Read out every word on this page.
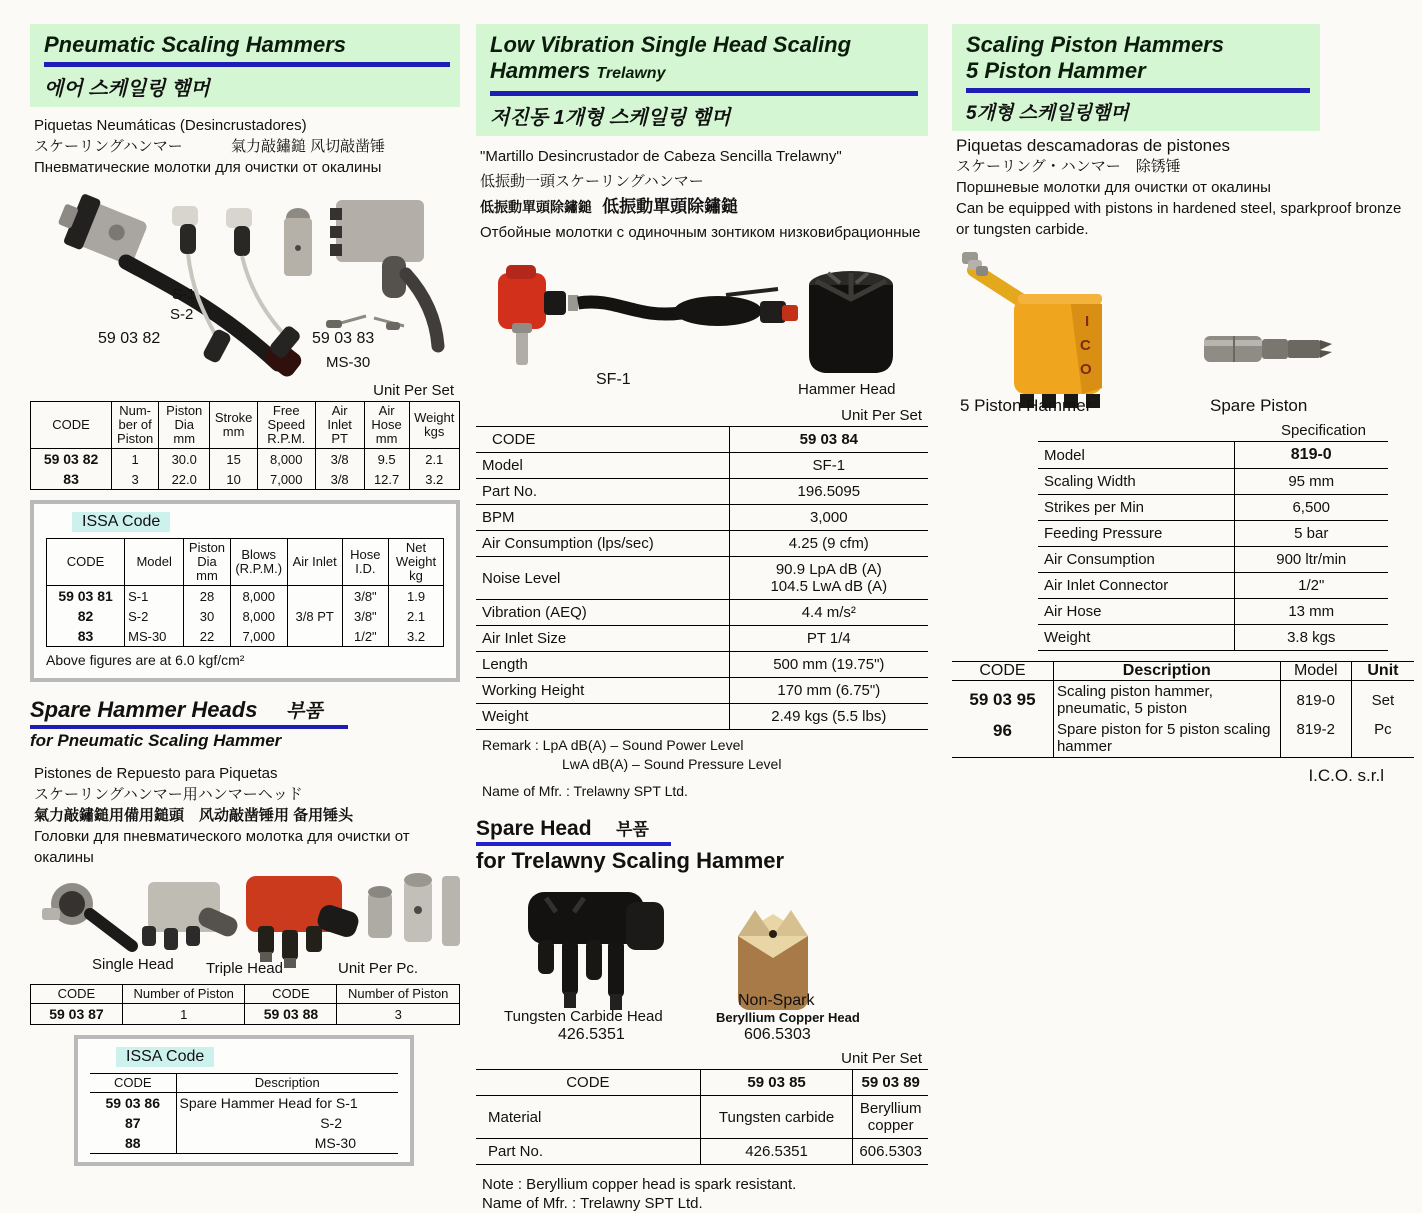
Pneumatic Scaling Hammers
에어 스케일링 햄머
Piquetas Neumáticas (Desincrustadores)
スケーリングハンマー	氣力敲鏽鎚 风切敲凿锤
Пневматические молотки для очистки от окалины
S-1
S-2
59 03 82	59 03 83
MS-30
Unit Per Set
CODE	Num-ber of Piston	Piston Dia mm	Stroke mm	Free Speed R.P.M.	Air Inlet PT	Air Hose mm	Weight kgs
59 03 82	1	30.0	15	8,000	3/8	9.5	2.1
83	3	22.0	10	7,000	3/8	12.7	3.2
ISSA Code
CODE	Model	Piston Dia mm	Blows (R.P.M.)	Air Inlet	Hose I.D.	Net Weight kg
59 03 81	S-1	28	8,000	3/8 PT	3/8"	1.9
82	S-2	30	8,000		3/8"	2.1
83	MS-30	22	7,000		1/2"	3.2
Above figures are at 6.0 kgf/cm²
Spare Hammer Heads 부품
for Pneumatic Scaling Hammer
Pistones de Repuesto para Piquetas
スケーリングハンマー用ハンマーヘッド
氣力敲鏽鎚用備用鎚頭　风动敲凿锤用 备用锤头
Головки для пневматического молотка для очистки от окалины
Single Head Triple Head	Unit Per Pc.
CODE	Number of Piston	CODE	Number of Piston
59 03 87	1	59 03 88	3
ISSA Code
CODE	Description
59 03 86	Spare Hammer Head for S-1
87	S-2
88	MS-30
Low Vibration Single Head Scaling
Hammers Trelawny
저진동 1개형 스케일링 햄머
"Martillo Desincrustador de Cabeza Sencilla Trelawny"
低振動一頭スケーリングハンマー
低振動單頭除鏽鎚 低振動單頭除鏽鎚
Отбойные молотки с одиночным зонтиком низковибрационные
SF-1
Hammer Head
Unit Per Set
CODE	59 03 84
Model	SF-1
Part No.	196.5095
BPM	3,000
Air Consumption (lps/sec)	4.25 (9 cfm)
Noise Level	90.9 LpA dB (A)
104.5 LwA dB (A)

Vibration (AEQ)	4.4 m/s²
Air Inlet Size	PT 1/4
Length	500 mm (19.75")
Working Height	170 mm (6.75")
Weight	2.49 kgs (5.5 lbs)
Remark : LpA dB(A) – Sound Power Level
LwA dB(A) – Sound Pressure Level
Name of Mfr. : Trelawny SPT Ltd.
Spare Head 부품
for Trelawny Scaling Hammer
Tungsten Carbide Head
426.5351
Non-Spark
Beryllium Copper Head
606.5303
Unit Per Set
CODE	59 03 85	59 03 89
Material	Tungsten carbide	Beryllium copper
Part No.	426.5351	606.5303
Note : Beryllium copper head is spark resistant.
Name of Mfr. : Trelawny SPT Ltd.
Scaling Piston Hammers
5 Piston Hammer
5개형 스케일링햄머
Piquetas descamadoras de pistones
スケーリング・ハンマー　除锈锤
Поршневые молотки для очистки от окалины
Can be equipped with pistons in hardened steel, sparkproof bronze or tungsten carbide.
I
C
O
5 Piston Hammer	Spare Piston
Specification
Model	819-0
Scaling Width	95 mm
Strikes per Min	6,500
Feeding Pressure	5 bar
Air Consumption	900 ltr/min
Air Inlet Connector	1/2"
Air Hose	13 mm
Weight	3.8 kgs
CODE	Description	Model	Unit
59 03 95	Scaling piston hammer, pneumatic, 5 piston	819-0	Set
96	Spare piston for 5 piston scaling hammer	819-2	Pc
I.C.O. s.r.l
